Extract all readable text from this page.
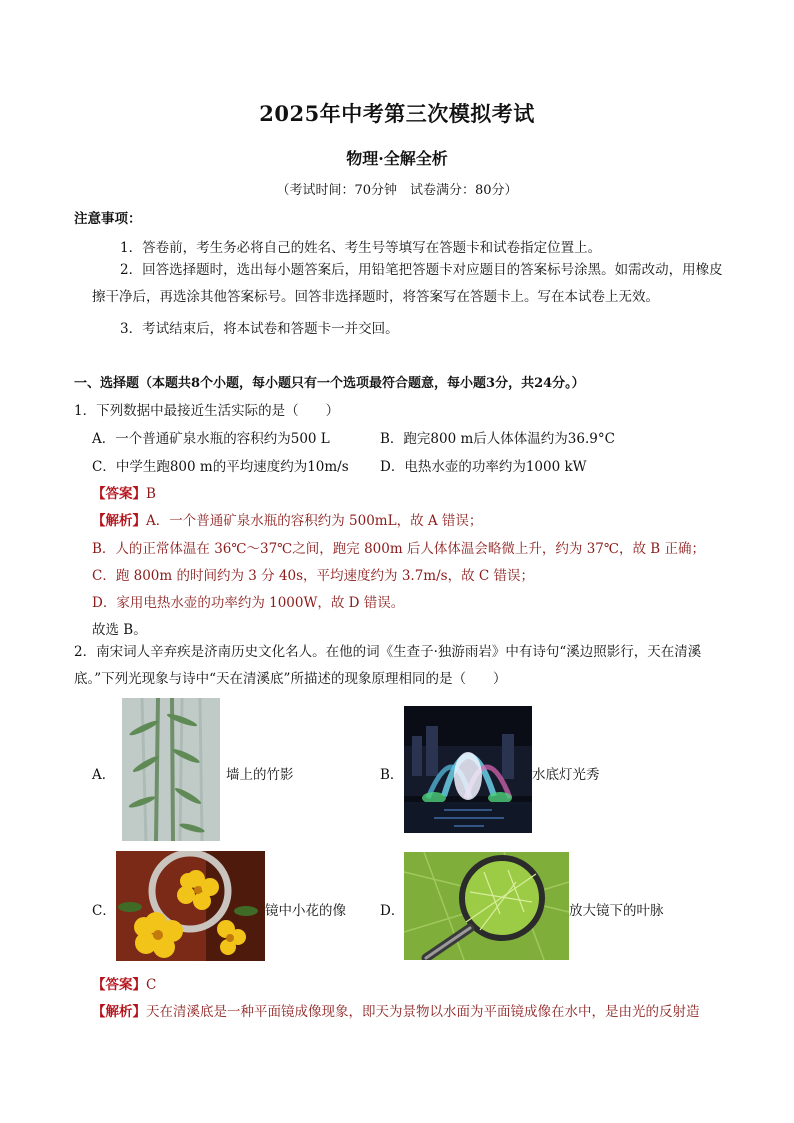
2025年中考第三次模拟考试
物理·全解全析
（考试时间：70分钟　试卷满分：80分）
注意事项：
1．答卷前，考生务必将自己的姓名、考生号等填写在答题卡和试卷指定位置上。
2．回答选择题时，选出每小题答案后，用铅笔把答题卡对应题目的答案标号涂黑。如需改动，用橡皮擦干净后，再选涂其他答案标号。回答非选择题时，将答案写在答题卡上。写在本试卷上无效。
3．考试结束后，将本试卷和答题卡一并交回。
一、选择题（本题共8个小题，每小题只有一个选项最符合题意，每小题3分，共24分。）
1．下列数据中最接近生活实际的是（　　）
A．一个普通矿泉水瓶的容积约为500 L	B．跑完800 m后人体体温约为36.9°C
C．中学生跑800 m的平均速度约为10m/s D．电热水壶的功率约为1000 kW
【答案】B
【解析】A．一个普通矿泉水瓶的容积约为 500mL，故 A 错误；
B．人的正常体温在 36℃～37℃之间，跑完 800m 后人体体温会略微上升，约为 37℃，故 B 正确；
C．跑 800m 的时间约为 3 分 40s，平均速度约为 3.7m/s，故 C 错误；
D．家用电热水壶的功率约为 1000W，故 D 错误。
故选 B。
2．南宋词人辛弃疾是济南历史文化名人。在他的词《生查子·独游雨岩》中有诗句“溪边照影行，天在清溪底。”下列光现象与诗中“天在清溪底”所描述的现象原理相同的是（　　）
A．	墙上的竹影	B．	水底灯光秀
C．	镜中小花的像	D．	放大镜下的叶脉
【答案】C
【解析】天在清溪底是一种平面镜成像现象，即天为景物以水面为平面镜成像在水中，是由光的反射造
